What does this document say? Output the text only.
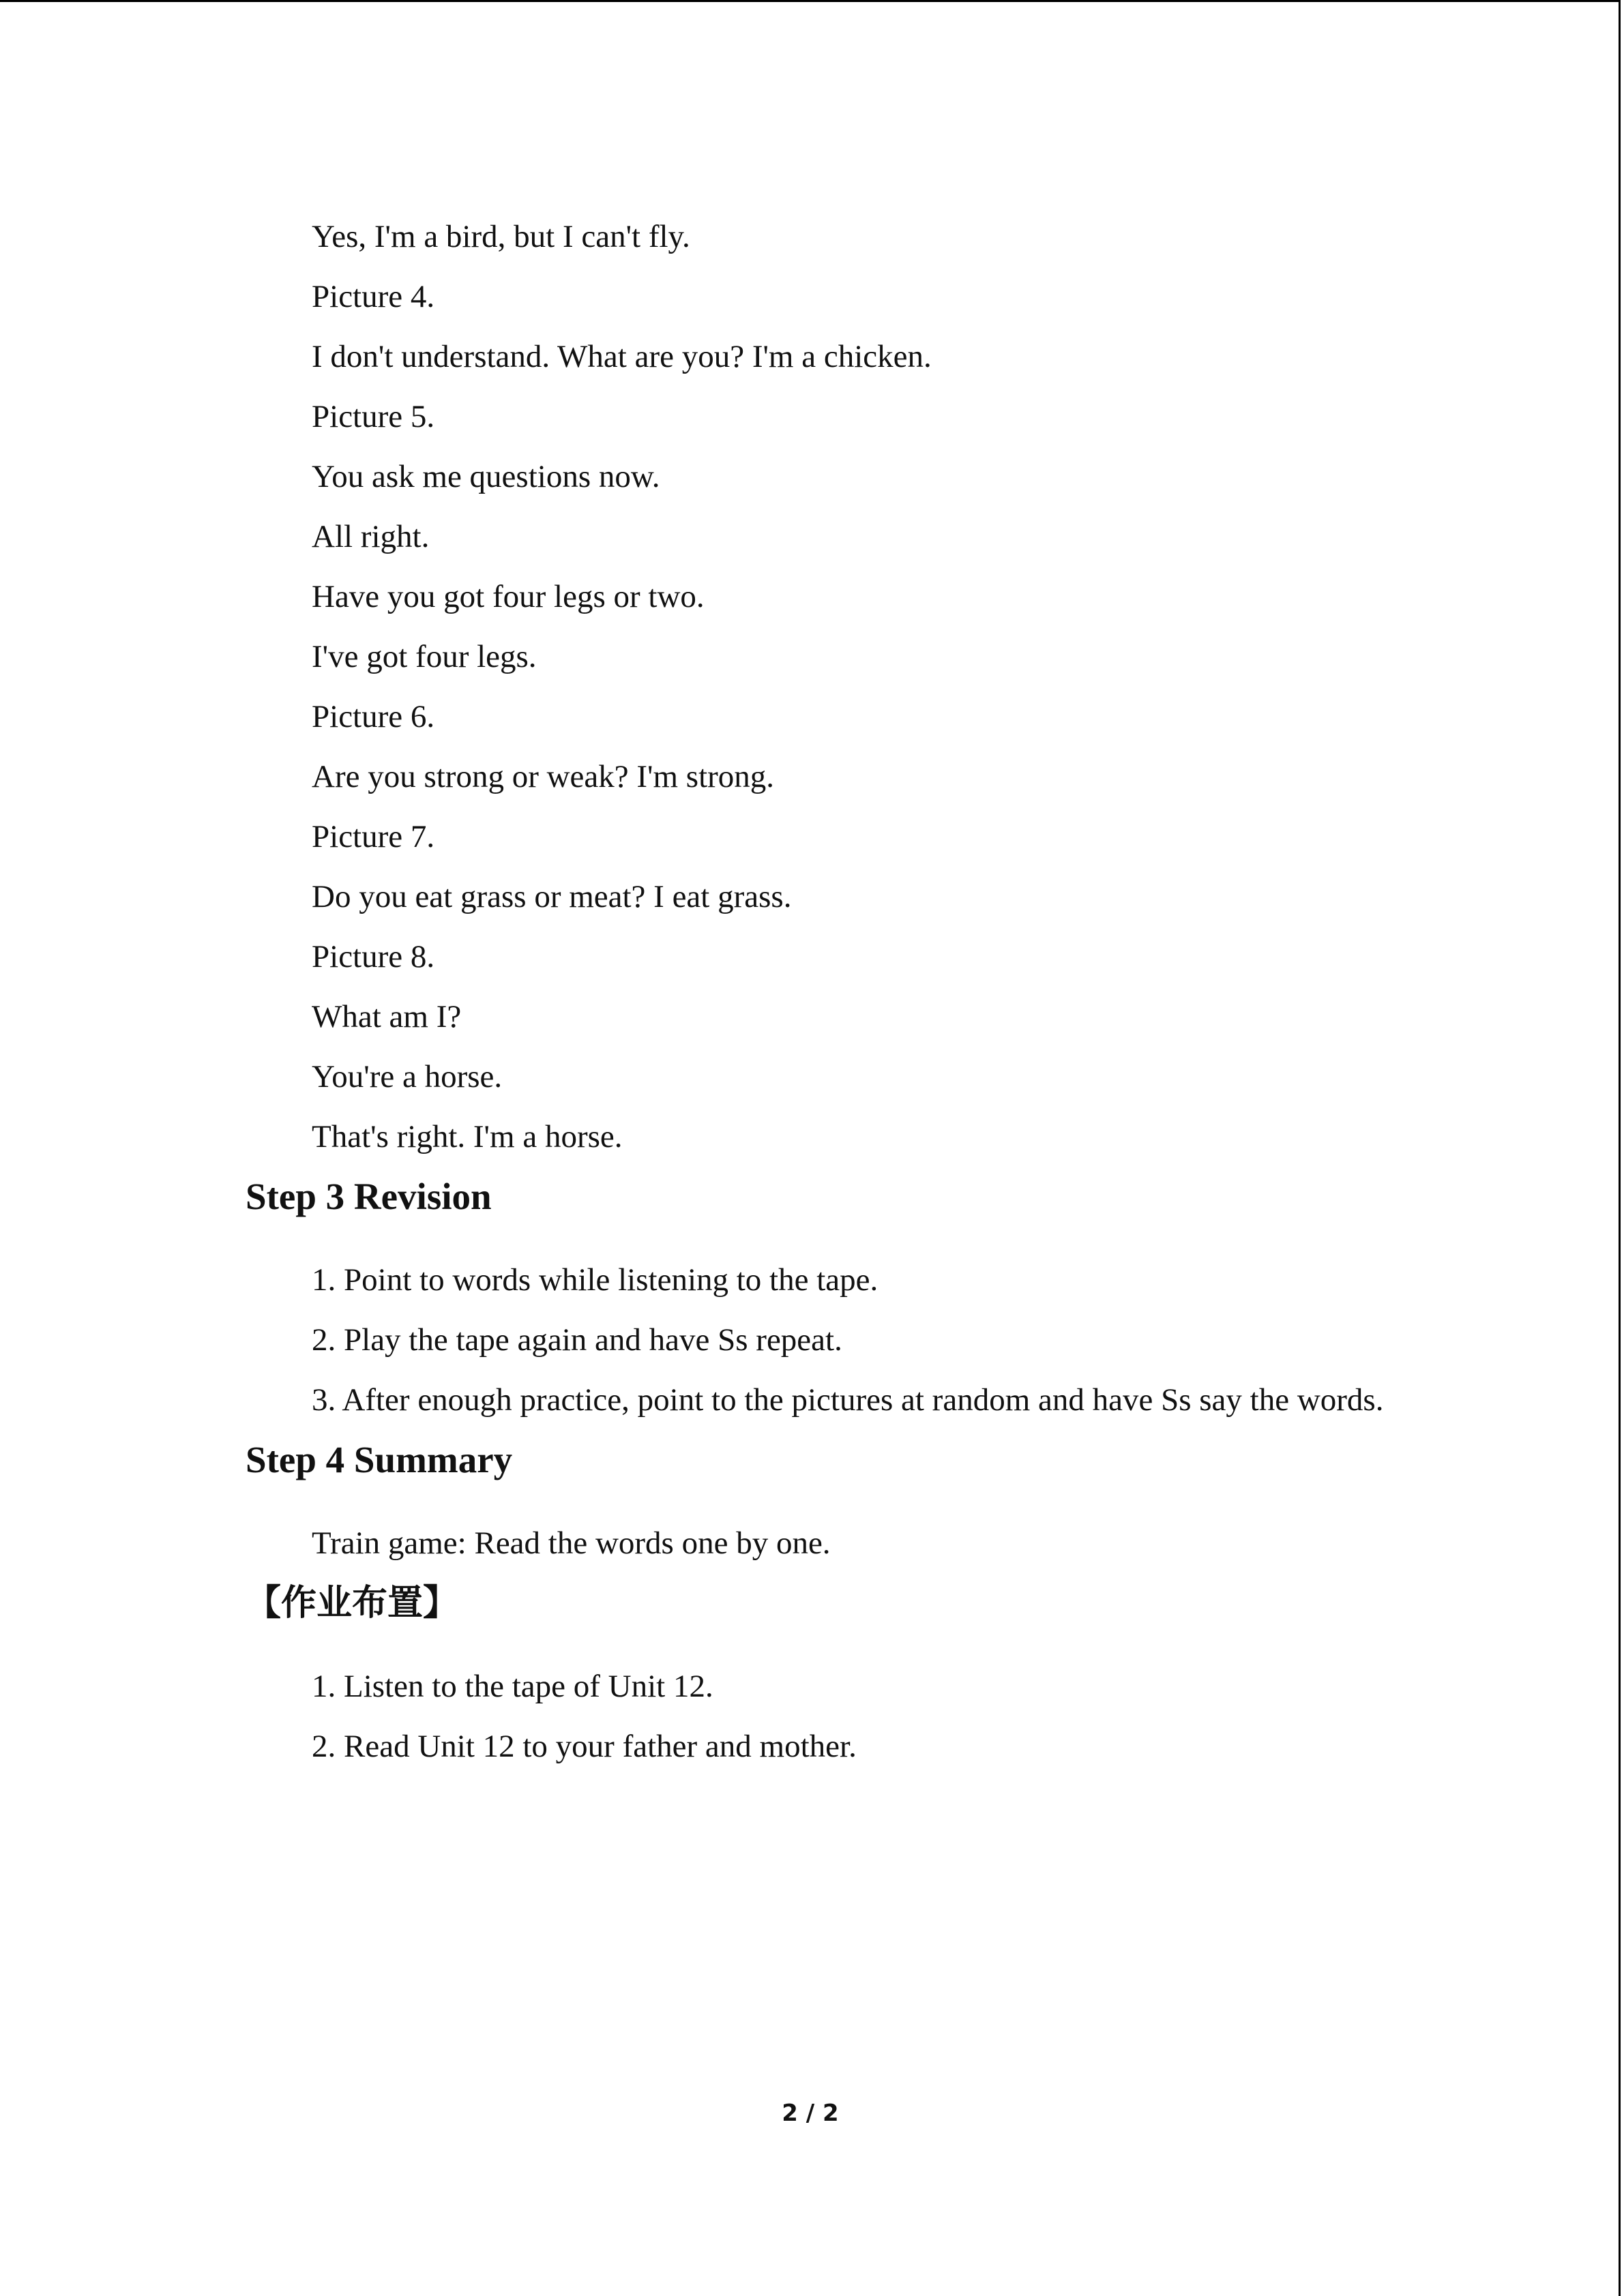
Yes, I'm a bird, but I can't fly.
Picture 4.
I don't understand. What are you? I'm a chicken.
Picture 5.
You ask me questions now.
All right.
Have you got four legs or two.
I've got four legs.
Picture 6.
Are you strong or weak? I'm strong.
Picture 7.
Do you eat grass or meat? I eat grass.
Picture 8.
What am I?
You're a horse.
That's right. I'm a horse.
Step 3 Revision
1. Point to words while listening to the tape.
2. Play the tape again and have Ss repeat.
3. After enough practice, point to the pictures at random and have Ss say the words.
Step 4 Summary
Train game: Read the words one by one.
【作业布置】
1. Listen to the tape of Unit 12.
2. Read Unit 12 to your father and mother.
2 / 2
